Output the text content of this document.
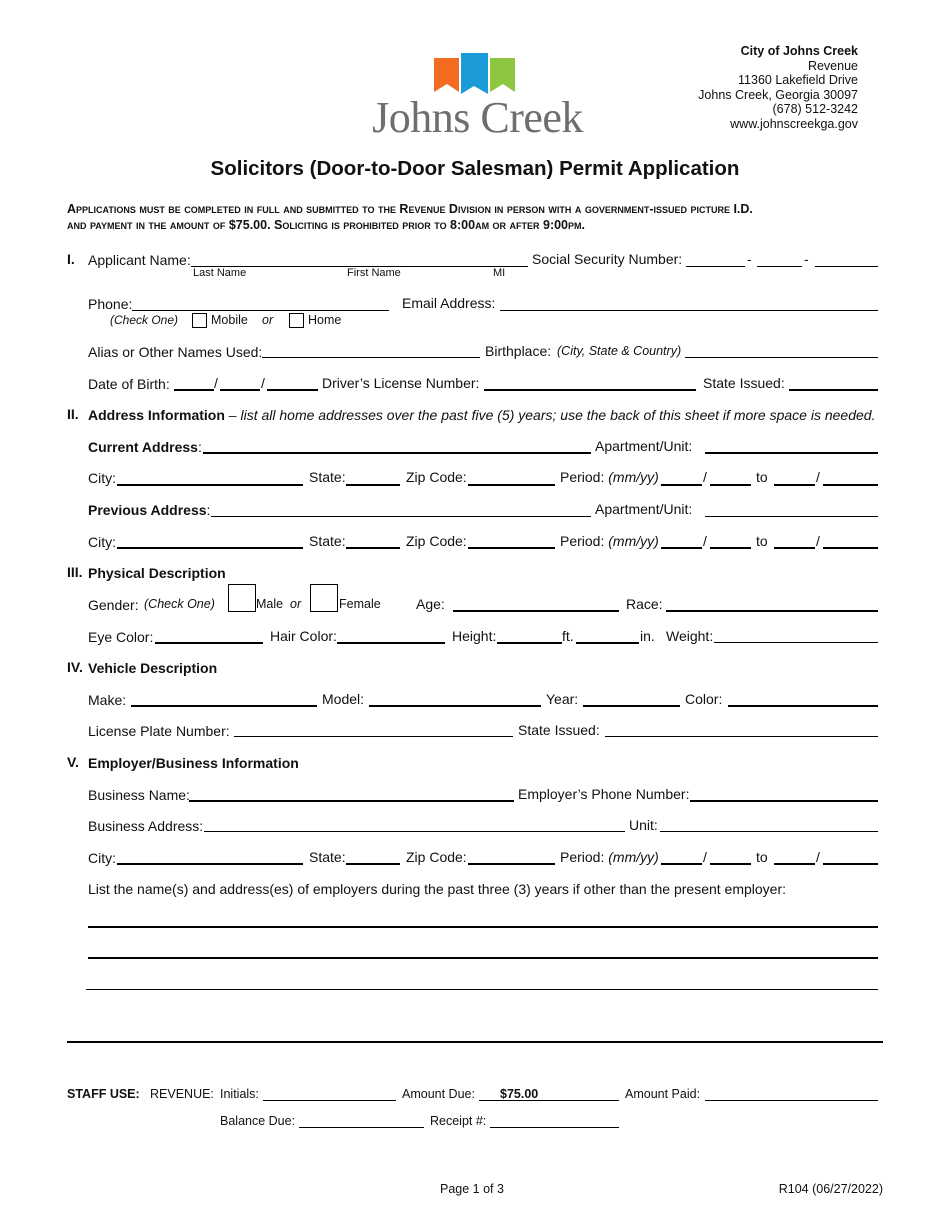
Johns Creek
City of Johns Creek
Revenue
11360 Lakefield Drive
Johns Creek, Georgia 30097
(678) 512-3242
www.johnscreekga.gov
Solicitors (Door-to-Door Salesman) Permit Application
Applications must be completed in full and submitted to the Revenue Division in person with a government-issued picture I.D.
and payment in the amount of $75.00. Soliciting is prohibited prior to 8:00am or after 9:00pm.
I. Applicant Name:
Last Name	First Name	MI
Social Security Number:	-	-
Phone:
(Check One)	Mobile or	Home
Email Address:
Alias or Other Names Used:	Birthplace: (City, State & Country)
Date of Birth:	/	/	Driver’s License Number:	State Issued:
II. Address Information – list all home addresses over the past five (5) years; use the back of this sheet if more space is needed.
Current Address:	Apartment/Unit:
City:	State:	Zip Code:	Period: (mm/yy)	/	to	/
Previous Address:	Apartment/Unit:
City:	State:	Zip Code:	Period: (mm/yy)	/	to	/
III. Physical Description
Gender: (Check One)	Male or	Female	Age:	Race:
Eye Color:	Hair Color:	Height:	ft.	in. Weight:
IV. Vehicle Description
Make:	Model:	Year:	Color:
License Plate Number:	State Issued:
V. Employer/Business Information
Business Name:	Employer’s Phone Number:
Business Address:	Unit:
City:	State:	Zip Code:	Period: (mm/yy)	/	to	/
List the name(s) and address(es) of employers during the past three (3) years if other than the present employer:
STAFF USE: REVENUE: Initials:	Amount Due: $75.00	Amount Paid:
Balance Due:	Receipt #:
Page 1 of 3	R104 (06/27/2022)
